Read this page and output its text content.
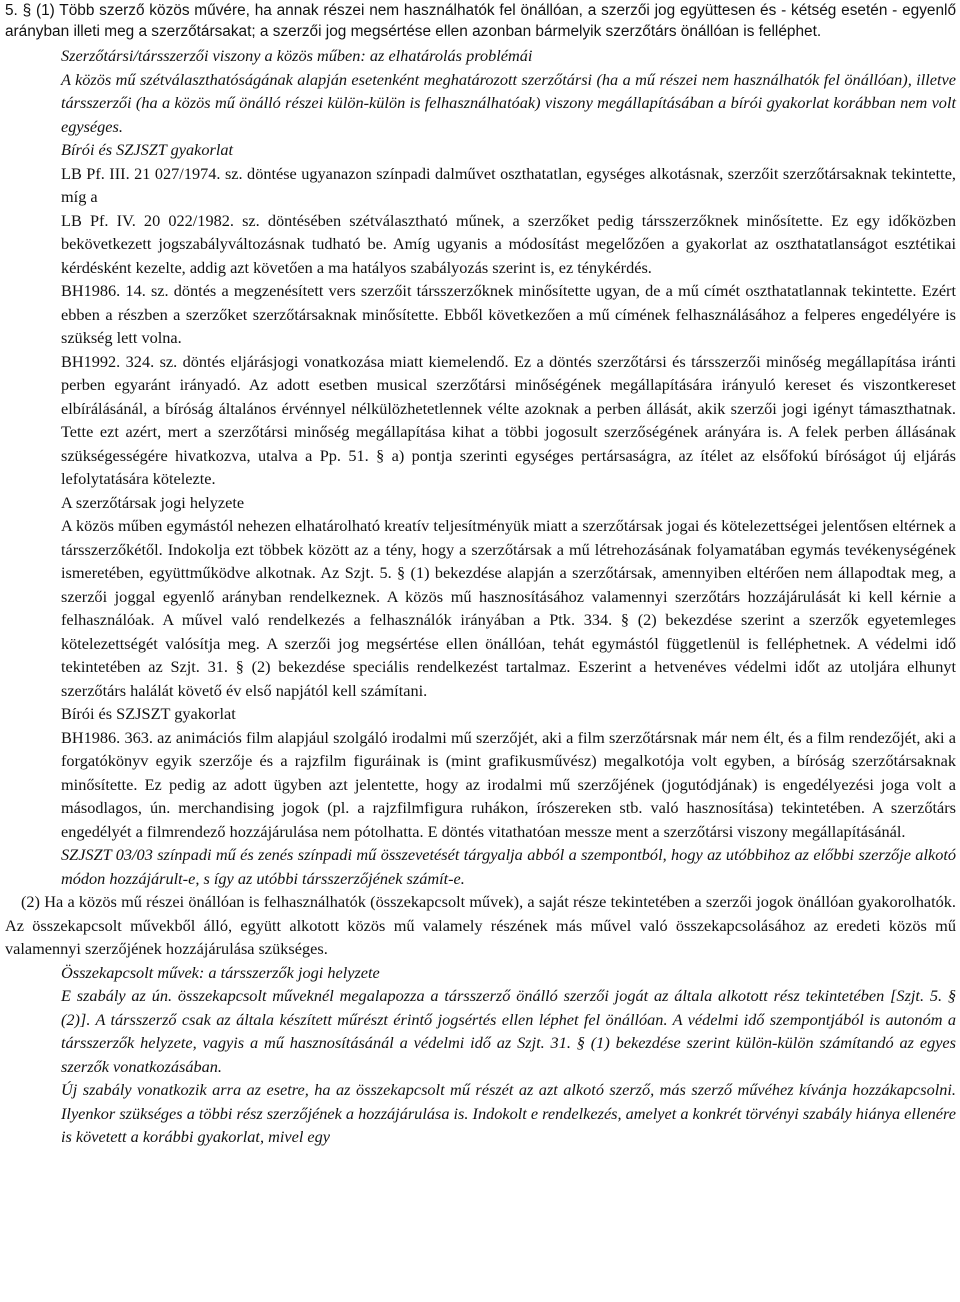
5. § (1) Több szerző közös művére, ha annak részei nem használhatók fel önállóan, a szerzői jog együttesen és - kétség esetén - egyenlő arányban illeti meg a szerzőtársakat; a szerzői jog megsértése ellen azonban bármelyik szerzőtárs önállóan is felléphet.

Szerzőtársi/társszerzői viszony a közös műben: az elhatárolás problémái

A közös mű szétválaszthatóságának alapján esetenként meghatározott szerzőtársi (ha a mű részei nem használhatók fel önállóan), illetve társszerzői (ha a közös mű önálló részei külön-külön is felhasználhatóak) viszony megállapításában a bírói gyakorlat korábban nem volt egységes.

Bírói és SZJSZT gyakorlat

LB Pf. III. 21 027/1974. sz. döntése ugyanazon színpadi dalművet oszthatatlan, egységes alkotásnak, szerzőit szerzőtársaknak tekintette, míg a

LB Pf. IV. 20 022/1982. sz. döntésében szétválasztható műnek, a szerzőket pedig társszerzőknek minősítette. Ez egy időközben bekövetkezett jogszabályváltozásnak tudható be. Amíg ugyanis a módosítást megelőzően a gyakorlat az oszthatatlanságot esztétikai kérdésként kezelte, addig azt követően a ma hatályos szabályozás szerint is, ez ténykérdés.

BH1986. 14. sz. döntés a megzenésített vers szerzőit társszerzőknek minősítette ugyan, de a mű címét oszthatatlannak tekintette. Ezért ebben a részben a szerzőket szerzőtársaknak minősítette. Ebből következően a mű címének felhasználásához a felperes engedélyére is szükség lett volna.

BH1992. 324. sz. döntés eljárásjogi vonatkozása miatt kiemelendő. Ez a döntés szerzőtársi és társszerzői minőség megállapítása iránti perben egyaránt irányadó. Az adott esetben musical szerzőtársi minőségének megállapítására irányuló kereset és viszontkereset elbírálásánál, a bíróság általános érvénnyel nélkülözhetetlennek vélte azoknak a perben állását, akik szerzői jogi igényt támaszthatnak. Tette ezt azért, mert a szerzőtársi minőség megállapítása kihat a többi jogosult szerzőségének arányára is. A felek perben állásának szükségességére hivatkozva, utalva a Pp. 51. § a) pontja szerinti egységes pertársaságra, az ítélet az elsőfokú bíróságot új eljárás lefolytatására kötelezte.

A szerzőtársak jogi helyzete

A közös műben egymástól nehezen elhatárolható kreatív teljesítményük miatt a szerzőtársak jogai és kötelezettségei jelentősen eltérnek a társszerzőkétől. Indokolja ezt többek között az a tény, hogy a szerzőtársak a mű létrehozásának folyamatában egymás tevékenységének ismeretében, együttműködve alkotnak. Az Szjt. 5. § (1) bekezdése alapján a szerzőtársak, amennyiben eltérően nem állapodtak meg, a szerzői joggal egyenlő arányban rendelkeznek. A közös mű hasznosításához valamennyi szerzőtárs hozzájárulását ki kell kérnie a felhasználóak. A művel való rendelkezés a felhasználók irányában a Ptk. 334. § (2) bekezdése szerint a szerzők egyetemleges kötelezettségét valósítja meg. A szerzői jog megsértése ellen önállóan, tehát egymástól függetlenül is felléphetnek. A védelmi idő tekintetében az Szjt. 31. § (2) bekezdése speciális rendelkezést tartalmaz. Eszerint a hetvenéves védelmi időt az utoljára elhunyt szerzőtárs halálát követő év első napjától kell számítani.

Bírói és SZJSZT gyakorlat

BH1986. 363. az animációs film alapjául szolgáló irodalmi mű szerzőjét, aki a film szerzőtársnak már nem élt, és a film rendezőjét, aki a forgatókönyv egyik szerzője és a rajzfilm figuráinak is (mint grafikusművész) megalkotója volt egyben, a bíróság szerzőtársaknak minősítette. Ez pedig az adott ügyben azt jelentette, hogy az irodalmi mű szerzőjének (jogutódjának) is engedélyezési joga volt a másodlagos, ún. merchandising jogok (pl. a rajzfilmfigura ruhákon, írószereken stb. való hasznosítása) tekintetében. A szerzőtárs engedélyét a filmrendező hozzájárulása nem pótolhatta. E döntés vitathatóan messze ment a szerzőtársi viszony megállapításánál.

SZJSZT 03/03 színpadi mű és zenés színpadi mű összevetését tárgyalja abból a szempontból, hogy az utóbbihoz az előbbi szerzője alkotó módon hozzájárult-e, s így az utóbbi társszerzőjének számít-e.

(2) Ha a közös mű részei önállóan is felhasználhatók (összekapcsolt művek), a saját része tekintetében a szerzői jogok önállóan gyakorolhatók. Az összekapcsolt művekből álló, együtt alkotott közös mű valamely részének más művel való összekapcsolásához az eredeti közös mű valamennyi szerzőjének hozzájárulása szükséges.

Összekapcsolt művek: a társszerzők jogi helyzete

E szabály az ún. összekapcsolt műveknél megalapozza a társszerző önálló szerzői jogát az általa alkotott rész tekintetében [Szjt. 5. § (2)]. A társszerző csak az általa készített műrészt érintő jogsértés ellen léphet fel önállóan. A védelmi idő szempontjából is autonóm a társszerzők helyzete, vagyis a mű hasznosításánál a védelmi idő az Szjt. 31. § (1) bekezdése szerint külön-külön számítandó az egyes szerzők vonatkozásában.

Új szabály vonatkozik arra az esetre, ha az összekapcsolt mű részét az azt alkotó szerző, más szerző művéhez kívánja hozzákapcsolni. Ilyenkor szükséges a többi rész szerzőjének a hozzájárulása is. Indokolt e rendelkezés, amelyet a konkrét törvényi szabály hiánya ellenére is követett a korábbi gyakorlat, mivel egy
